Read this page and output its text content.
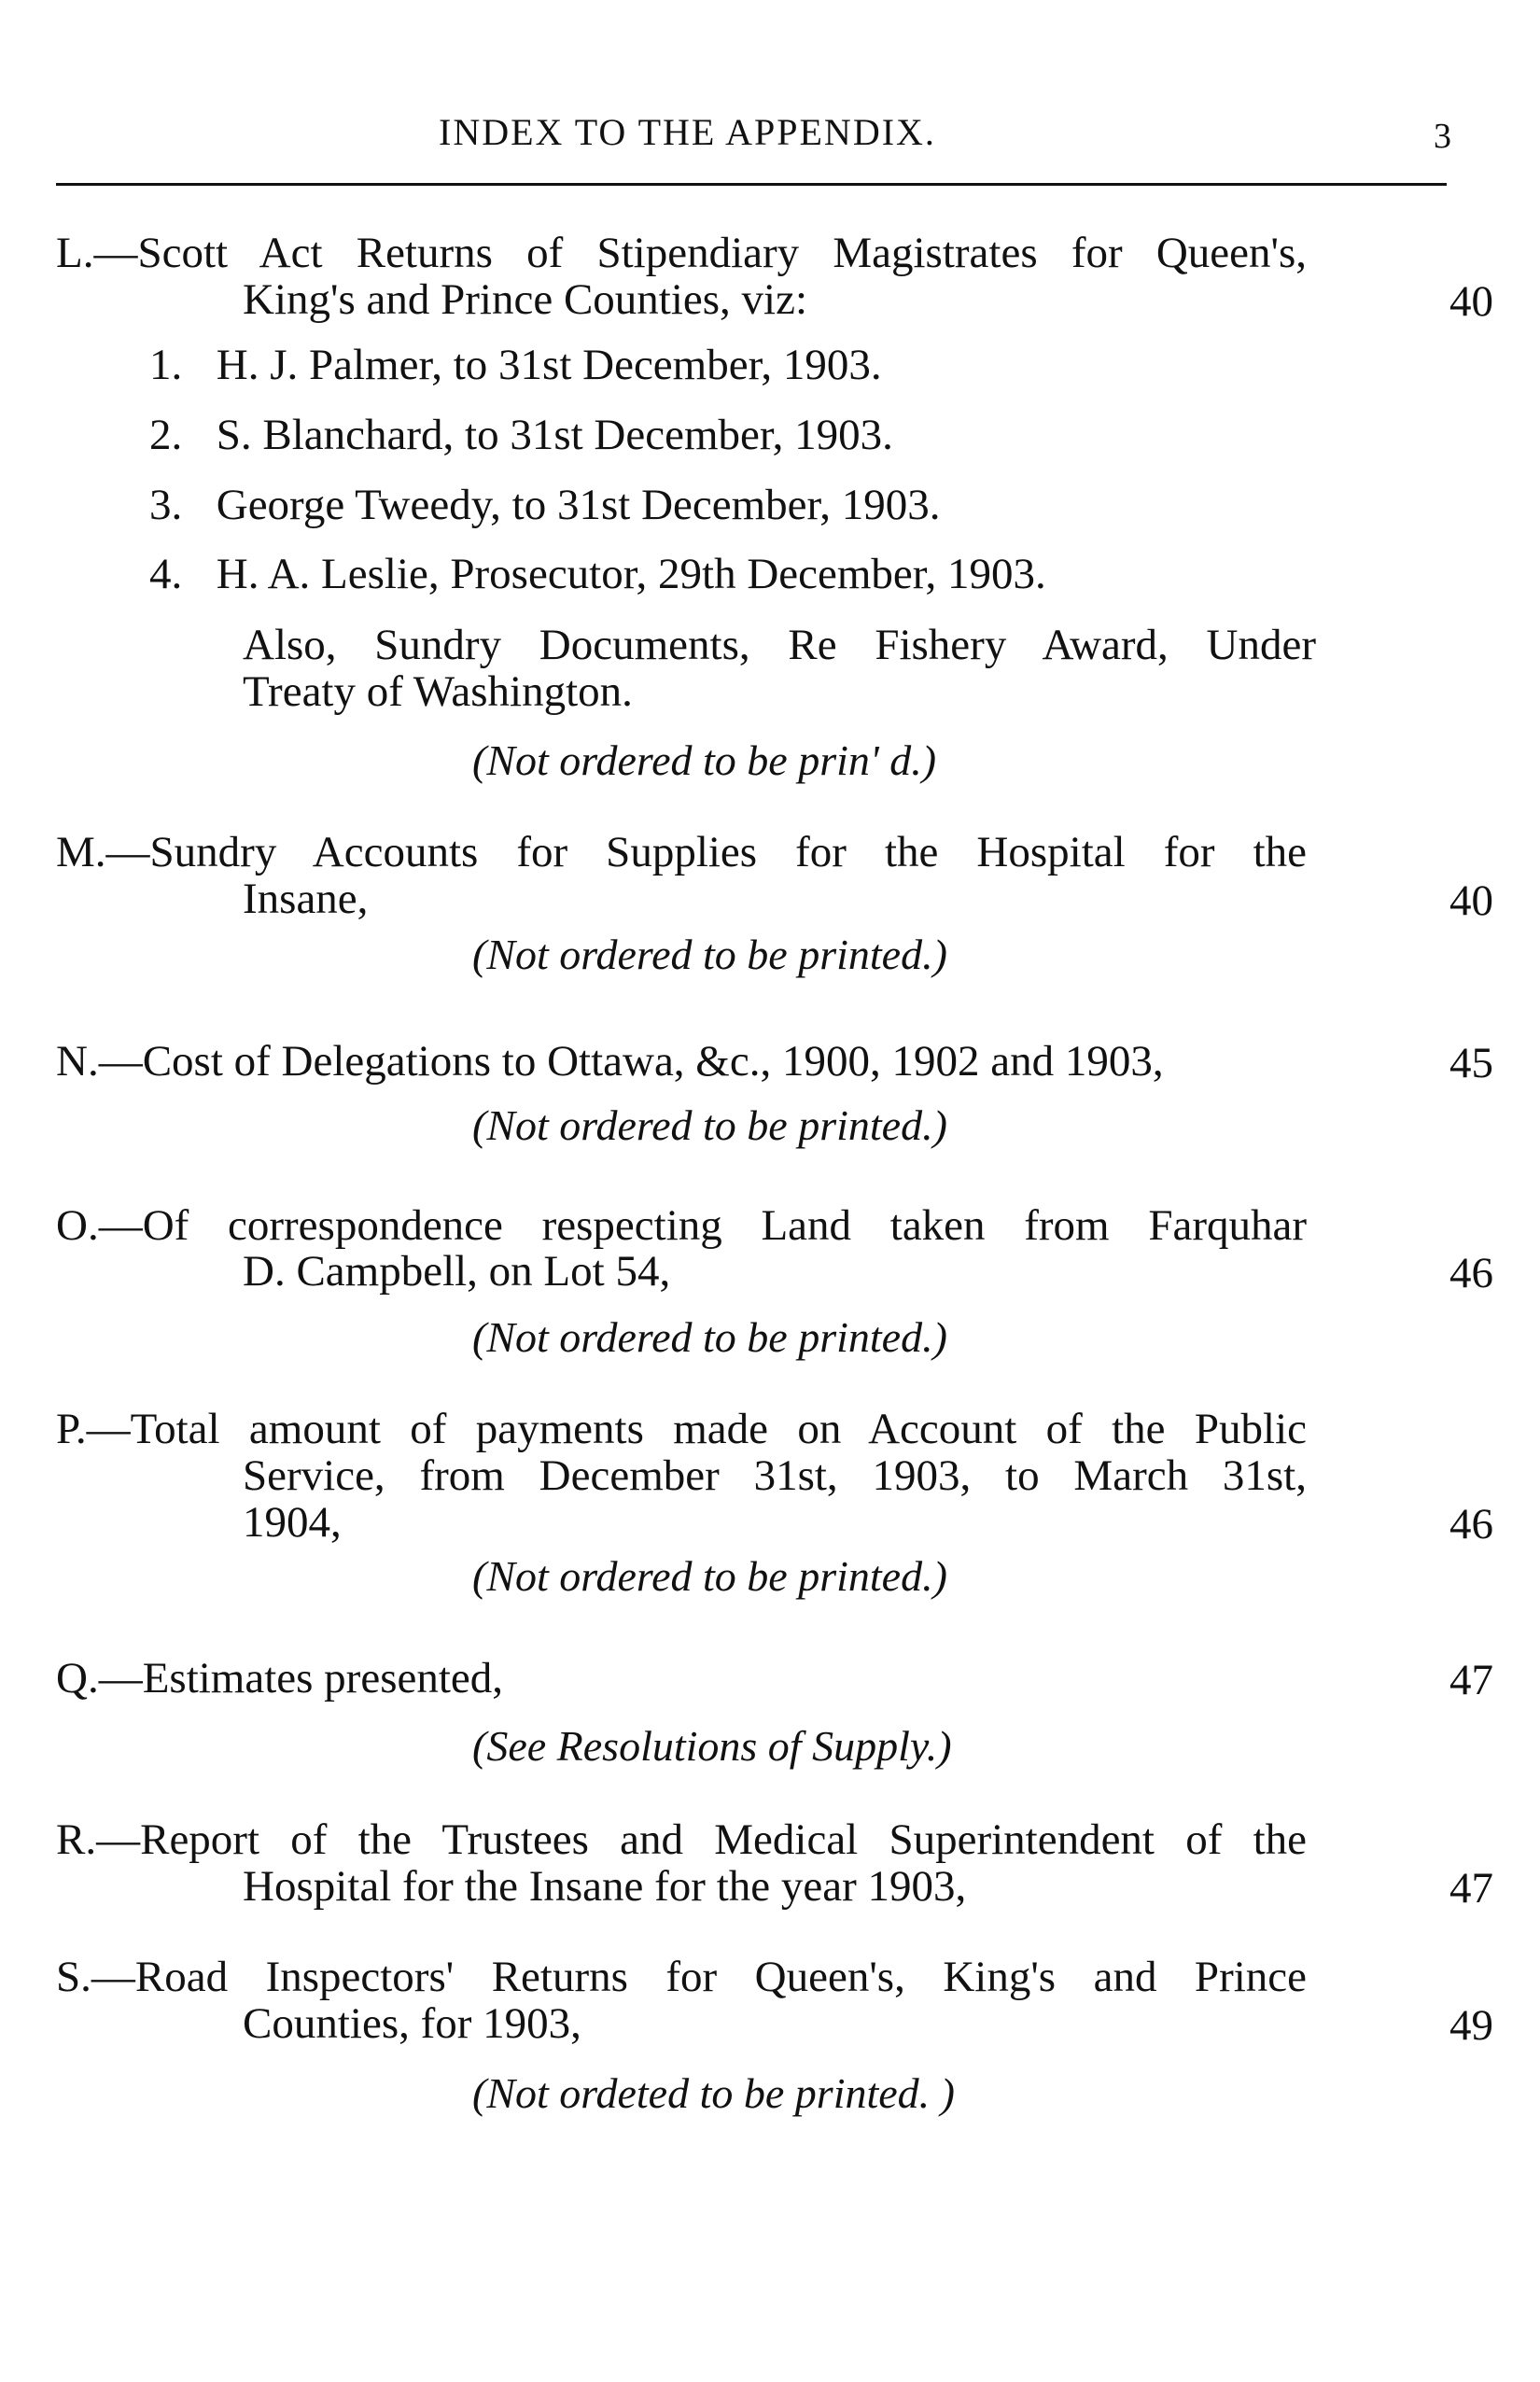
INDEX TO THE APPENDIX.	3
L.—Scott Act Returns of Stipendiary Magistrates for Queen's,
King's and Prince Counties, viz:	40
1. H. J. Palmer, to 31st December, 1903.
2. S. Blanchard, to 31st December, 1903.
3. George Tweedy, to 31st December, 1903.
4. H. A. Leslie, Prosecutor, 29th December, 1903.
Also, Sundry Documents, Re Fishery Award, Under
Treaty of Washington.
(Not ordered to be prin' d.)
M.—Sundry Accounts for Supplies for the Hospital for the
Insane,	40
(Not ordered to be printed.)
N.—Cost of Delegations to Ottawa, &c., 1900, 1902 and 1903,	45
(Not ordered to be printed.)
O.—Of correspondence respecting Land taken from Farquhar
D. Campbell, on Lot 54,	46
(Not ordered to be printed.)
P.—Total amount of payments made on Account of the Public
Service, from December 31st, 1903, to March 31st,
1904,	46
(Not ordered to be printed.)
Q.—Estimates presented,	47
(See Resolutions of Supply.)
R.—Report of the Trustees and Medical Superintendent of the
Hospital for the Insane for the year 1903,	47
S.—Road Inspectors' Returns for Queen's, King's and Prince
Counties, for 1903,	49
(Not ordeted to be printed. )
